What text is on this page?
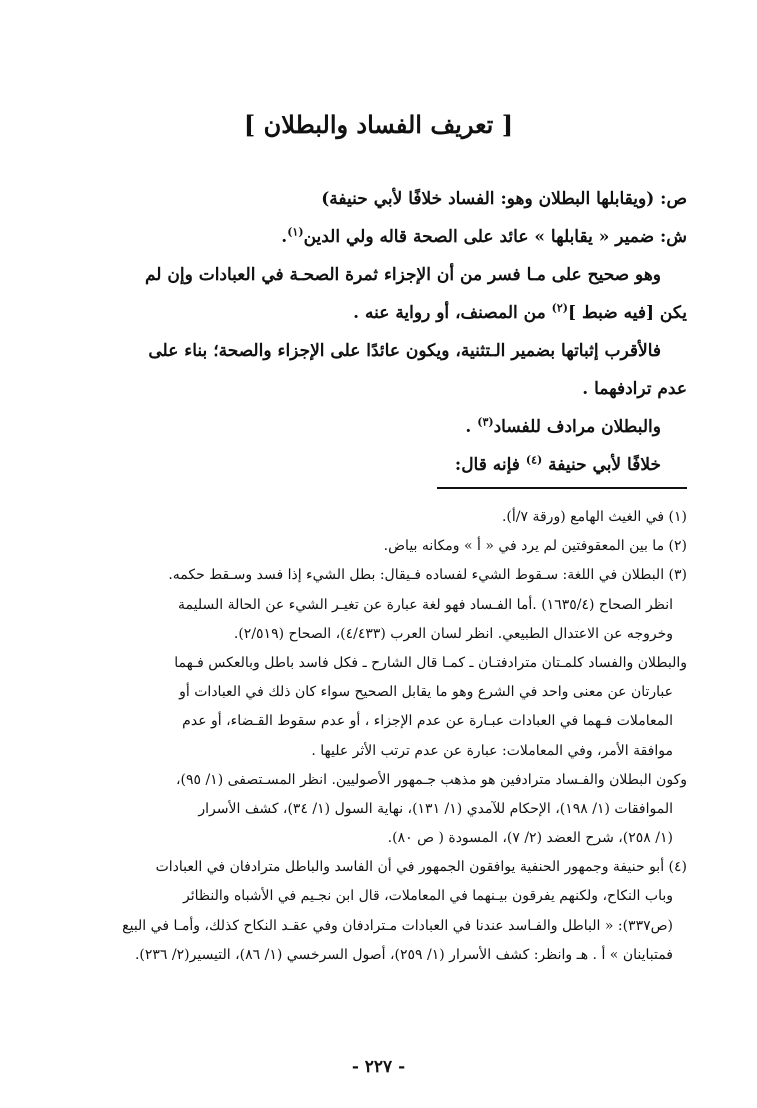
[ تعريف الفساد والبطلان ]
ص: (ويقابلها البطلان وهو: الفساد خلافًا لأبي حنيفة)
ش: ضمير « يقابلها » عائد على الصحة قاله ولي الدين$^{(١)}$.
وهو صحيح على مـا فسر من أن الإجزاء ثمرة الصحـة في العبادات وإن لم
يكن [فيه ضبط ]$^{(٢)}$ من المصنف، أو رواية عنه .
فالأقرب إثباتها بضمير الـتثنية، ويكون عائدًا على الإجزاء والصحة؛ بناء على
عدم ترادفهما .
والبطلان مرادف للفساد$^{(٣)}$ .
خلافًا لأبي حنيفة $^{(٤)}$ فإنه قال:
(١) في الغيث الهامع (ورقة ٧/أ).
(٢) ما بين المعقوفتين لم يرد في « أ » ومكانه بياض.
(٣) البطلان في اللغة: سـقوط الشيء لفساده فـيقال: بطل الشيء إذا فسد وسـقط حكمه.
انظر الصحاح (١٦٣٥/٤) .أما الفـساد فهو لغة عبارة عن تغيـر الشيء عن الحالة السليمة
وخروجه عن الاعتدال الطبيعي. انظر لسان العرب (٤/٤٣٣)، الصحاح (٢/٥١٩).
والبطلان والفساد كلمـتان مترادفتـان ـ كمـا قال الشارح ـ فكل فاسد باطل وبالعكس فـهما
عبارتان عن معنى واحد في الشرع وهو ما يقابل الصحيح سواء كان ذلك في العبادات أو
المعاملات فـهما في العبادات عبـارة عن عدم الإجزاء ، أو عدم سقوط القـضاء، أو عدم
موافقة الأمر، وفي المعاملات: عبارة عن عدم ترتب الأثر عليها .
وكون البطلان والفـساد مترادفين هو مذهب جـمهور الأصوليين. انظر المسـتصفى (١/ ٩٥)،
الموافقات (١/ ١٩٨)، الإحكام للآمدي (١/ ١٣١)، نهاية السول (١/ ٣٤)، كشف الأسرار
(١/ ٢٥٨)، شرح العضد (٢/ ٧)، المسودة ( ص ٨٠).
(٤) أبو حنيفة وجمهور الحنفية يوافقون الجمهور في أن الفاسد والباطل مترادفان في العبادات
وباب النكاح، ولكنهم يفرقون بيـنهما في المعاملات، قال ابن نجـيم في الأشباه والنظائر
(ص٣٣٧): « الباطل والفـاسد عندنا في العبادات مـترادفان وفي عقـد النكاح كذلك، وأمـا في البيع
فمتباينان » أ . هـ وانظر: كشف الأسرار (١/ ٢٥٩)، أصول السرخسي (١/ ٨٦)، التيسير(٢/ ٢٣٦).
- ٢٢٧ -
